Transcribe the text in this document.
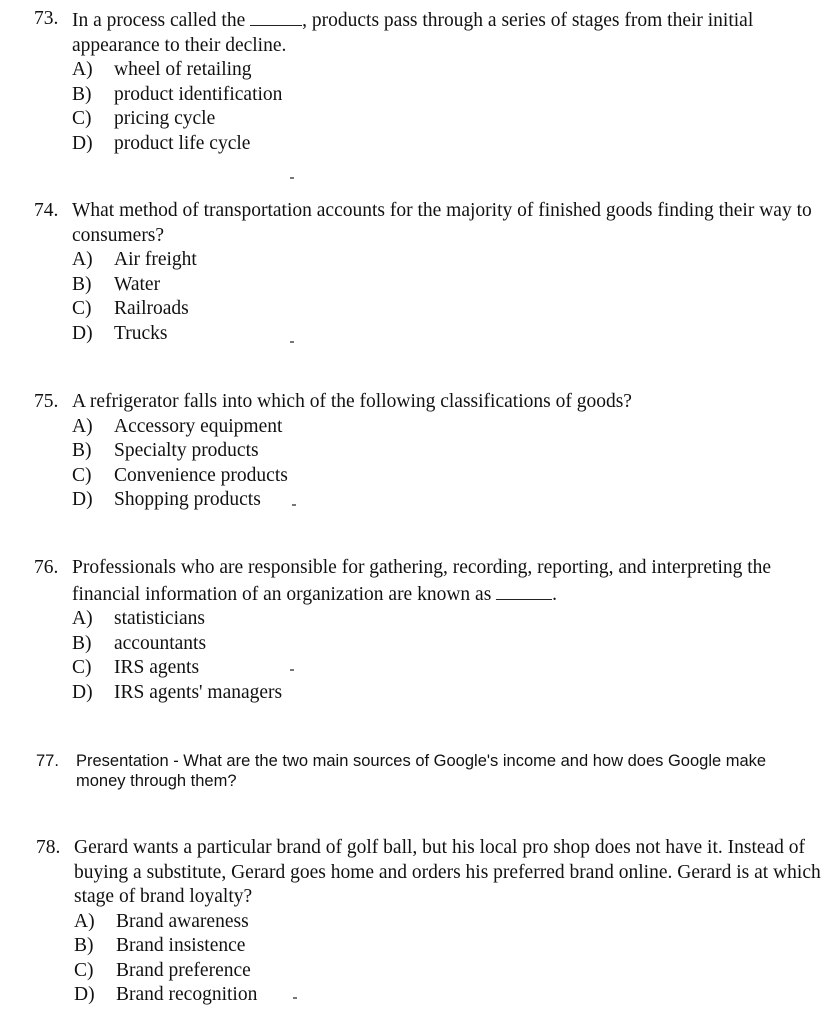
73. In a process called the	, products pass through a series of stages from their initial appearance to their decline.
A) wheel of retailing
B) product identification
C) pricing cycle
D) product life cycle
74. What method of transportation accounts for the majority of finished goods finding their way to consumers?
A) Air freight
B) Water
C) Railroads
D) Trucks
75. A refrigerator falls into which of the following classifications of goods?
A) Accessory equipment
B) Specialty products
C) Convenience products
D) Shopping products
76. Professionals who are responsible for gathering, recording, reporting, and interpreting the financial information of an organization are known as	.
A) statisticians
B) accountants
C) IRS agents
D) IRS agents' managers
77. Presentation - What are the two main sources of Google's income and how does Google make money through them?
78. Gerard wants a particular brand of golf ball, but his local pro shop does not have it. Instead of buying a substitute, Gerard goes home and orders his preferred brand online. Gerard is at which stage of brand loyalty?
A) Brand awareness
B) Brand insistence
C) Brand preference
D) Brand recognition
